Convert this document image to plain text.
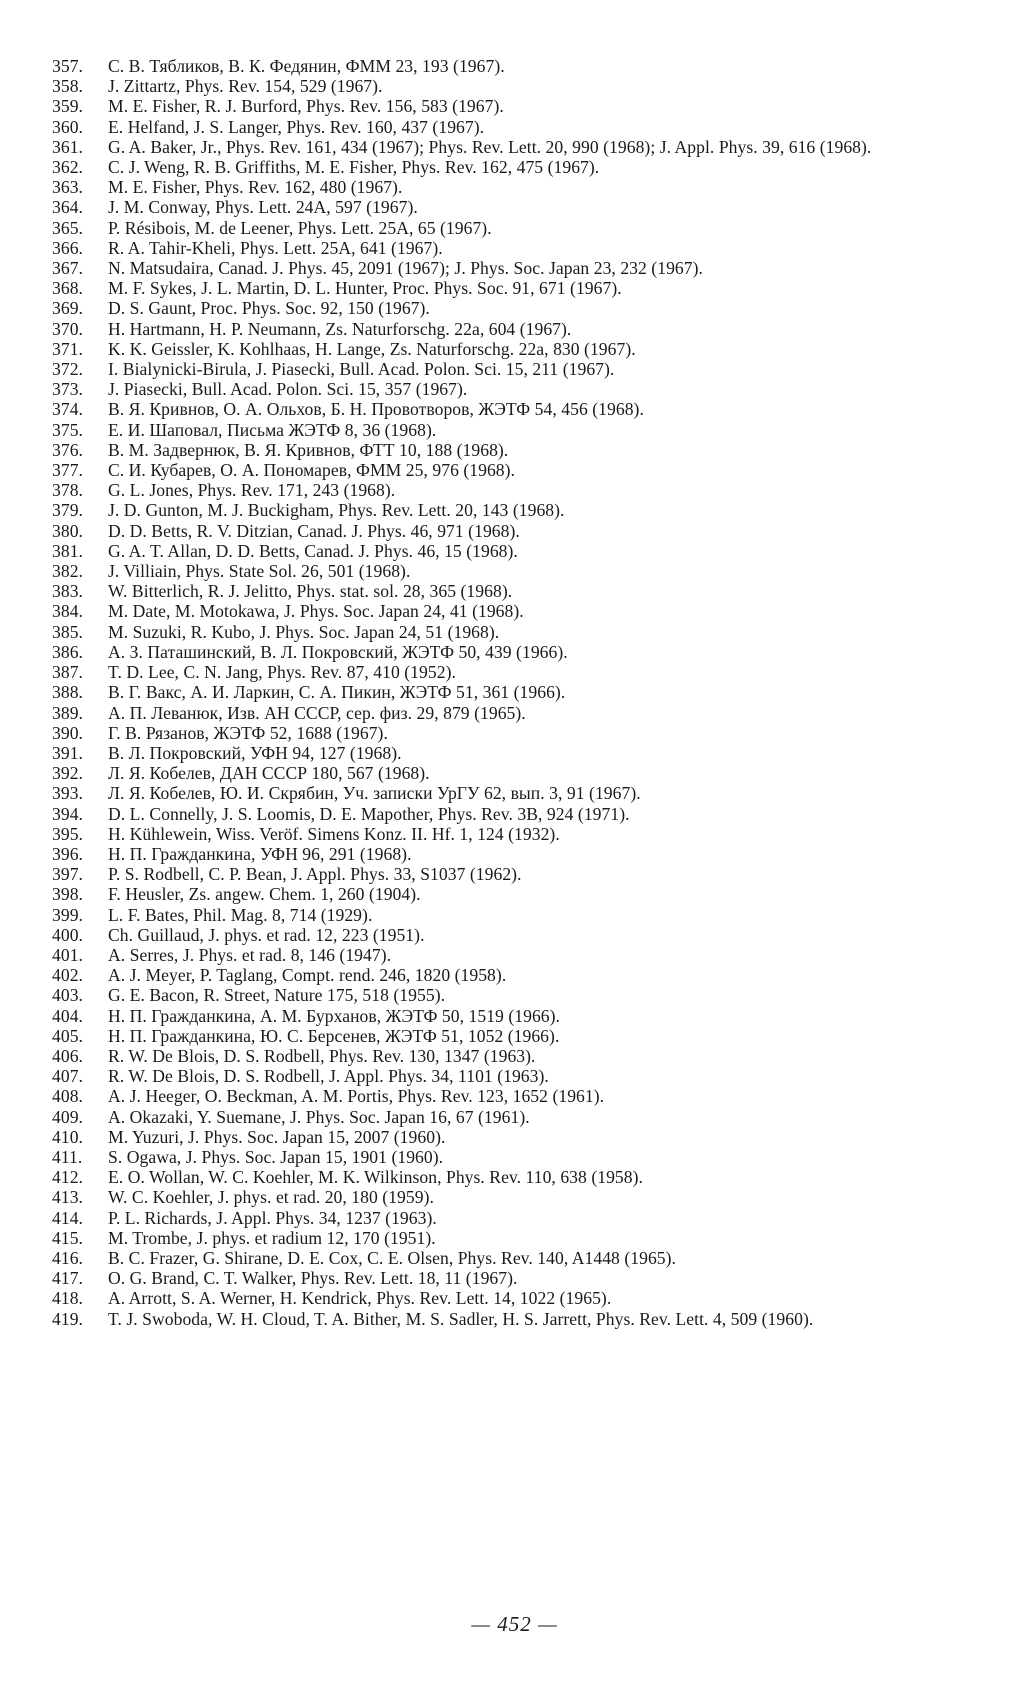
357.	С. В. Тябликов, В. К. Федянин, ФММ 23, 193 (1967).
358.	J. Zittartz, Phys. Rev. 154, 529 (1967).
359.	M. E. Fisher, R. J. Burford, Phys. Rev. 156, 583 (1967).
360.	E. Helfand, J. S. Langer, Phys. Rev. 160, 437 (1967).
361.	G. A. Baker, Jr., Phys. Rev. 161, 434 (1967); Phys. Rev. Lett. 20, 990 (1968); J. Appl. Phys. 39, 616 (1968).
362.	C. J. Weng, R. B. Griffiths, M. E. Fisher, Phys. Rev. 162, 475 (1967).
363.	M. E. Fisher, Phys. Rev. 162, 480 (1967).
364.	J. M. Conway, Phys. Lett. 24A, 597 (1967).
365.	P. Résibois, M. de Leener, Phys. Lett. 25A, 65 (1967).
366.	R. A. Tahir-Kheli, Phys. Lett. 25A, 641 (1967).
367.	N. Matsudaira, Canad. J. Phys. 45, 2091 (1967); J. Phys. Soc. Japan 23, 232 (1967).
368.	M. F. Sykes, J. L. Martin, D. L. Hunter, Proc. Phys. Soc. 91, 671 (1967).
369.	D. S. Gaunt, Proc. Phys. Soc. 92, 150 (1967).
370.	H. Hartmann, H. P. Neumann, Zs. Naturforschg. 22a, 604 (1967).
371.	K. K. Geissler, K. Kohlhaas, H. Lange, Zs. Naturforschg. 22a, 830 (1967).
372.	I. Bialynicki-Birula, J. Piasecki, Bull. Acad. Polon. Sci. 15, 211 (1967).
373.	J. Piasecki, Bull. Acad. Polon. Sci. 15, 357 (1967).
374.	В. Я. Кривнов, О. А. Ольхов, Б. Н. Провотворов, ЖЭТФ 54, 456 (1968).
375.	Е. И. Шаповал, Письма ЖЭТФ 8, 36 (1968).
376.	В. М. Задвернюк, В. Я. Кривнов, ФТТ 10, 188 (1968).
377.	С. И. Кубарев, О. А. Пономарев, ФММ 25, 976 (1968).
378.	G. L. Jones, Phys. Rev. 171, 243 (1968).
379.	J. D. Gunton, M. J. Buckigham, Phys. Rev. Lett. 20, 143 (1968).
380.	D. D. Betts, R. V. Ditzian, Canad. J. Phys. 46, 971 (1968).
381.	G. A. T. Allan, D. D. Betts, Canad. J. Phys. 46, 15 (1968).
382.	J. Villiain, Phys. State Sol. 26, 501 (1968).
383.	W. Bitterlich, R. J. Jelitto, Phys. stat. sol. 28, 365 (1968).
384.	M. Date, M. Motokawa, J. Phys. Soc. Japan 24, 41 (1968).
385.	M. Suzuki, R. Kubo, J. Phys. Soc. Japan 24, 51 (1968).
386.	А. З. Паташинский, В. Л. Покровский, ЖЭТФ 50, 439 (1966).
387.	T. D. Lee, C. N. Jang, Phys. Rev. 87, 410 (1952).
388.	В. Г. Вакс, А. И. Ларкин, С. А. Пикин, ЖЭТФ 51, 361 (1966).
389.	А. П. Леванюк, Изв. АН СССР, сер. физ. 29, 879 (1965).
390.	Г. В. Рязанов, ЖЭТФ 52, 1688 (1967).
391.	В. Л. Покровский, УФН 94, 127 (1968).
392.	Л. Я. Кобелев, ДАН СССР 180, 567 (1968).
393.	Л. Я. Кобелев, Ю. И. Скрябин, Уч. записки УрГУ 62, вып. 3, 91 (1967).
394.	D. L. Connelly, J. S. Loomis, D. E. Mapother, Phys. Rev. 3B, 924 (1971).
395.	H. Kühlewein, Wiss. Veröf. Simens Konz. II. Hf. 1, 124 (1932).
396.	Н. П. Гражданкина, УФН 96, 291 (1968).
397.	P. S. Rodbell, C. P. Bean, J. Appl. Phys. 33, S1037 (1962).
398.	F. Heusler, Zs. angew. Chem. 1, 260 (1904).
399.	L. F. Bates, Phil. Mag. 8, 714 (1929).
400.	Ch. Guillaud, J. phys. et rad. 12, 223 (1951).
401.	A. Serres, J. Phys. et rad. 8, 146 (1947).
402.	A. J. Meyer, P. Taglang, Compt. rend. 246, 1820 (1958).
403.	G. E. Bacon, R. Street, Nature 175, 518 (1955).
404.	Н. П. Гражданкина, А. М. Бурханов, ЖЭТФ 50, 1519 (1966).
405.	Н. П. Гражданкина, Ю. С. Берсенев, ЖЭТФ 51, 1052 (1966).
406.	R. W. De Blois, D. S. Rodbell, Phys. Rev. 130, 1347 (1963).
407.	R. W. De Blois, D. S. Rodbell, J. Appl. Phys. 34, 1101 (1963).
408.	A. J. Heeger, O. Beckman, A. M. Portis, Phys. Rev. 123, 1652 (1961).
409.	A. Okazaki, Y. Suemane, J. Phys. Soc. Japan 16, 67 (1961).
410.	M. Yuzuri, J. Phys. Soc. Japan 15, 2007 (1960).
411.	S. Ogawa, J. Phys. Soc. Japan 15, 1901 (1960).
412.	E. O. Wollan, W. C. Koehler, M. K. Wilkinson, Phys. Rev. 110, 638 (1958).
413.	W. C. Koehler, J. phys. et rad. 20, 180 (1959).
414.	P. L. Richards, J. Appl. Phys. 34, 1237 (1963).
415.	M. Trombe, J. phys. et radium 12, 170 (1951).
416.	B. C. Frazer, G. Shirane, D. E. Cox, C. E. Olsen, Phys. Rev. 140, A1448 (1965).
417.	O. G. Brand, C. T. Walker, Phys. Rev. Lett. 18, 11 (1967).
418.	A. Arrott, S. A. Werner, H. Kendrick, Phys. Rev. Lett. 14, 1022 (1965).
419.	T. J. Swoboda, W. H. Cloud, T. A. Bither, M. S. Sadler, H. S. Jarrett, Phys. Rev. Lett. 4, 509 (1960).
— 452 —
